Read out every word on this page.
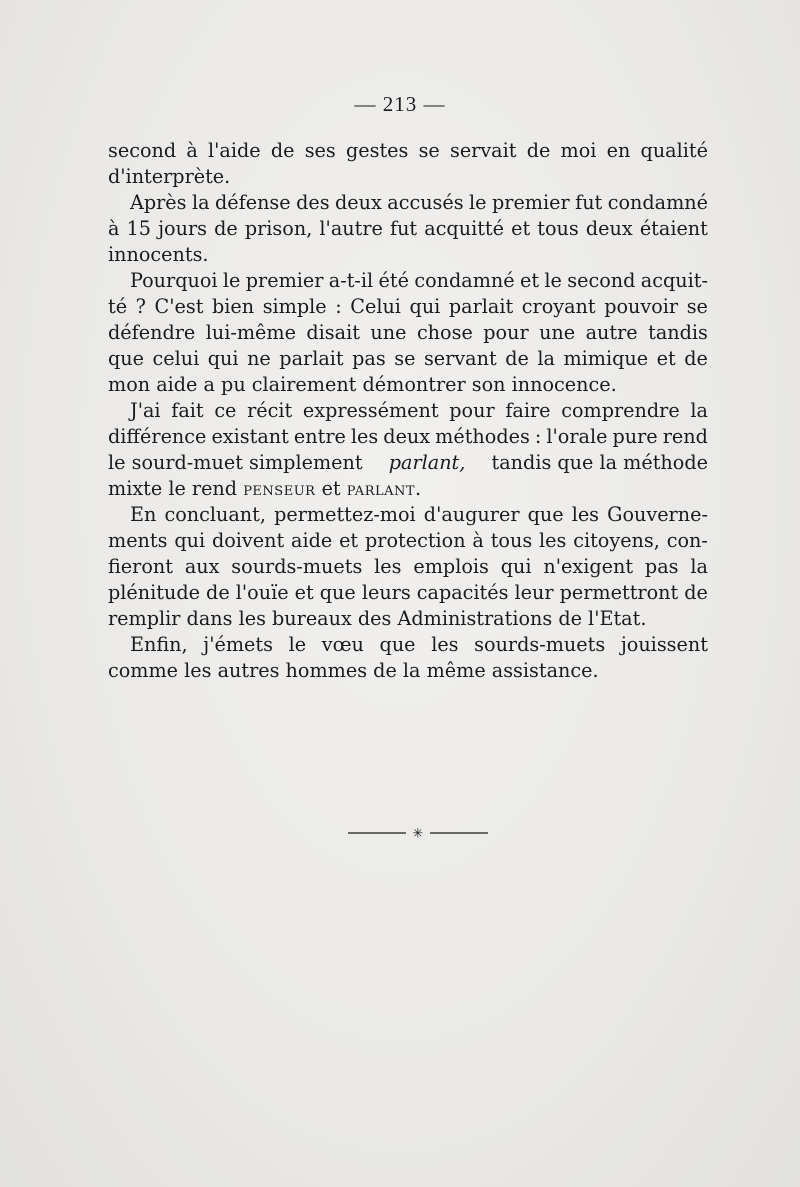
— 213 —
second à l'aide de ses gestes se servait de moi en qualité
d'interprète.
Après la défense des deux accusés le premier fut condamné
à 15 jours de prison, l'autre fut acquitté et tous deux étaient
innocents.
Pourquoi le premier a-t-il été condamné et le second acquit-
té ? C'est bien simple : Celui qui parlait croyant pouvoir se
défendre lui-même disait une chose pour une autre tandis
que celui qui ne parlait pas se servant de la mimique et de
mon aide a pu clairement démontrer son innocence.
J'ai fait ce récit expressément pour faire comprendre la
différence existant entre les deux méthodes : l'orale pure rend
le sourd-muet simplement parlant, tandis que la méthode
mixte le rend
penseur
et
parlant.
En concluant, permettez-moi d'augurer que les Gouverne-
ments qui doivent aide et protection à tous les citoyens, con-
fieront aux sourds-muets les emplois qui n'exigent pas la
plénitude de l'ouïe et que leurs capacités leur permettront de
remplir dans les bureaux des Administrations de l'Etat.
Enfin, j'émets le vœu que les sourds-muets jouissent
comme les autres hommes de la même assistance.
✳
